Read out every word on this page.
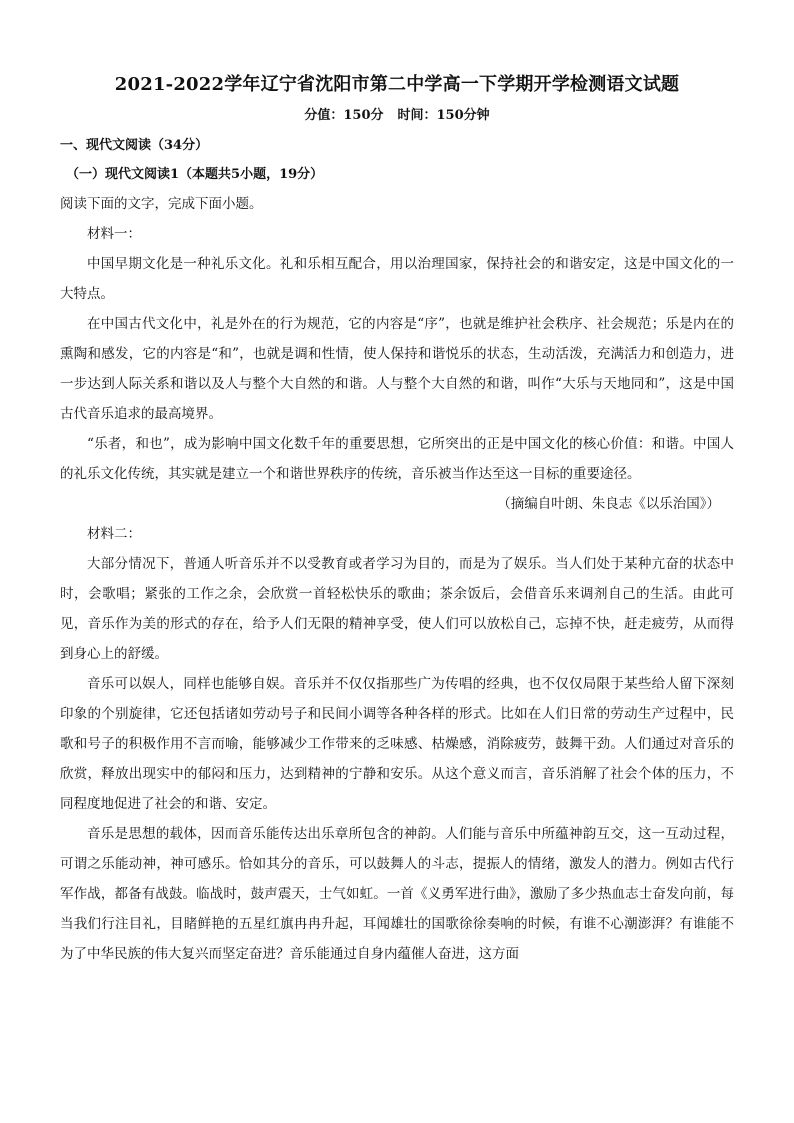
2021-2022学年辽宁省沈阳市第二中学高一下学期开学检测语文试题
分值：150分 时间：150分钟
一、现代文阅读（34分）
（一）现代文阅读1（本题共5小题，19分）
阅读下面的文字，完成下面小题。
材料一：

中国早期文化是一种礼乐文化。礼和乐相互配合，用以治理国家，保持社会的和谐安定，这是中国文化的一大特点。

在中国古代文化中，礼是外在的行为规范，它的内容是“序”，也就是维护社会秩序、社会规范；乐是内在的熏陶和感发，它的内容是“和”，也就是调和性情，使人保持和谐悦乐的状态，生动活泼，充满活力和创造力，进一步达到人际关系和谐以及人与整个大自然的和谐。人与整个大自然的和谐，叫作“大乐与天地同和”，这是中国古代音乐追求的最高境界。

“乐者，和也”，成为影响中国文化数千年的重要思想，它所突出的正是中国文化的核心价值：和谐。中国人的礼乐文化传统，其实就是建立一个和谐世界秩序的传统，音乐被当作达至这一目标的重要途径。

（摘编自叶朗、朱良志《以乐治国》）
材料二：

大部分情况下，普通人听音乐并不以受教育或者学习为目的，而是为了娱乐。当人们处于某种亢奋的状态中时，会歌唱；紧张的工作之余，会欣赏一首轻松快乐的歌曲；茶余饭后，会借音乐来调剂自己的生活。由此可见，音乐作为美的形式的存在，给予人们无限的精神享受，使人们可以放松自己，忘掉不快，赶走疲劳，从而得到身心上的舒缓。

音乐可以娱人，同样也能够自娱。音乐并不仅仅指那些广为传唱的经典，也不仅仅局限于某些给人留下深刻印象的个别旋律，它还包括诸如劳动号子和民间小调等各种各样的形式。比如在人们日常的劳动生产过程中，民歌和号子的积极作用不言而喻，能够减少工作带来的乏味感、枯燥感，消除疲劳，鼓舞干劲。人们通过对音乐的欣赏，释放出现实中的郁闷和压力，达到精神的宁静和安乐。从这个意义而言，音乐消解了社会个体的压力，不同程度地促进了社会的和谐、安定。

音乐是思想的载体，因而音乐能传达出乐章所包含的神韵。人们能与音乐中所蕴神韵互交，这一互动过程，可谓之乐能动神，神可感乐。恰如其分的音乐，可以鼓舞人的斗志，提振人的情绪，激发人的潜力。例如古代行军作战，都备有战鼓。临战时，鼓声震天，士气如虹。一首《义勇军进行曲》，激励了多少热血志士奋发向前，每当我们行注目礼，目睹鲜艳的五星红旗冉冉升起，耳闻雄壮的国歌徐徐奏响的时候，有谁不心潮澎湃？有谁能不为了中华民族的伟大复兴而坚定奋进？音乐能通过自身内蕴催人奋进，这方面
